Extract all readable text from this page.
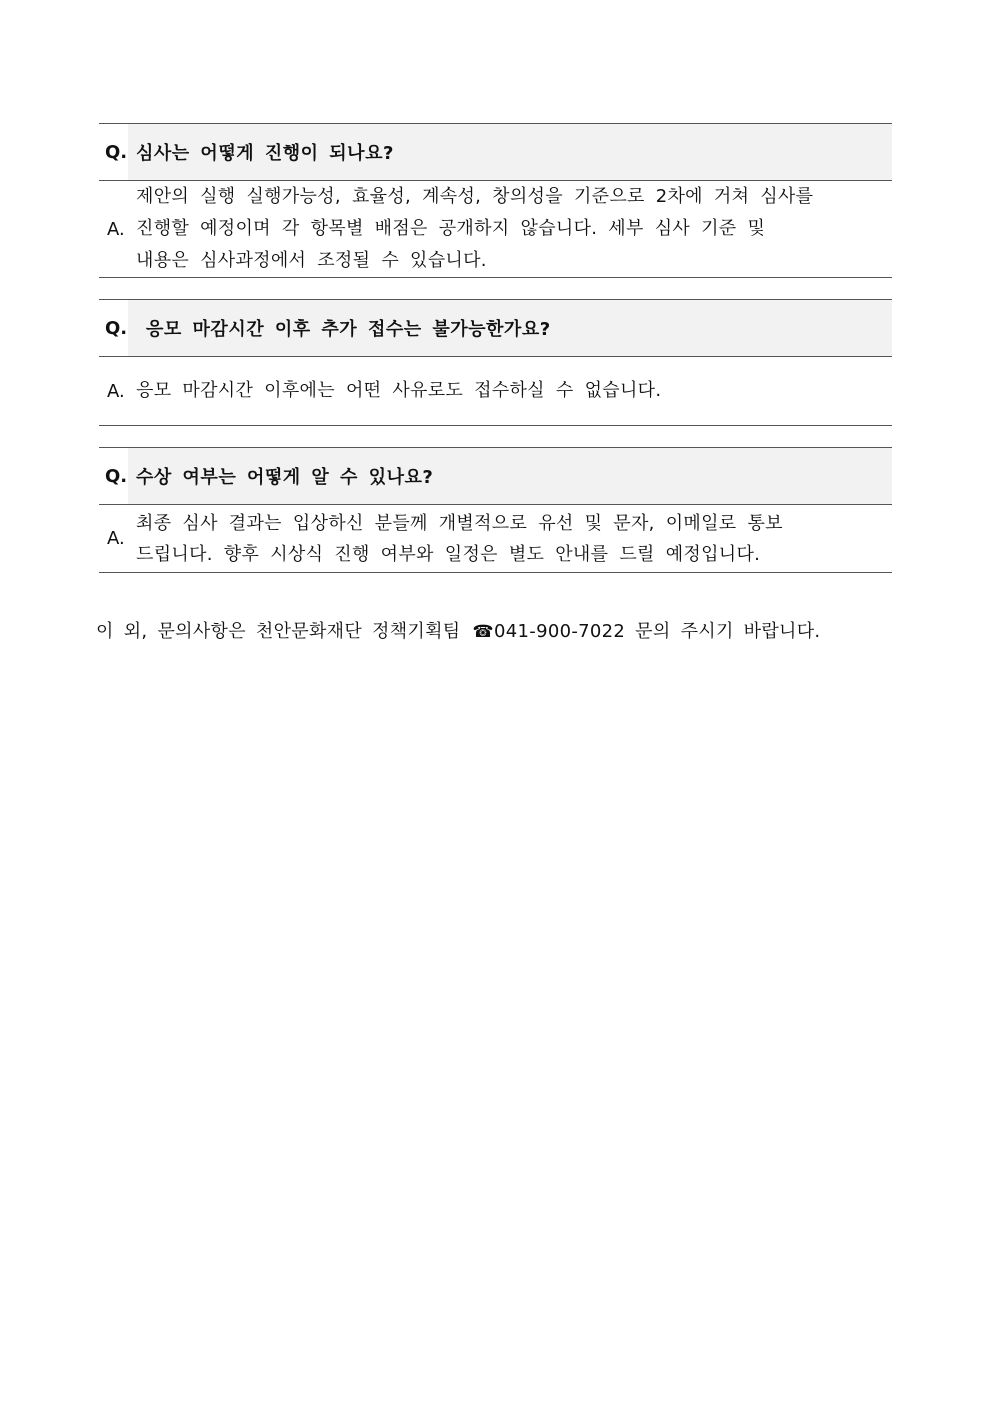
Q. 심사는 어떻게 진행이 되나요?
A.
제안의 실행 실행가능성, 효율성, 계속성, 창의성을 기준으로 2차에 거쳐 심사를
진행할 예정이며 각 항목별 배점은 공개하지 않습니다. 세부 심사 기준 및
내용은 심사과정에서 조정될 수 있습니다.
Q.	응모 마감시간 이후 추가 접수는 불가능한가요?
A. 응모 마감시간 이후에는 어떤 사유로도 접수하실 수 없습니다.
Q. 수상 여부는 어떻게 알 수 있나요?
A.
최종 심사 결과는 입상하신 분들께 개별적으로 유선 및 문자, 이메일로 통보
드립니다. 향후 시상식 진행 여부와 일정은 별도 안내를 드릴 예정입니다.
이 외, 문의사항은 천안문화재단 정책기획팀 ☎041-900-7022 문의 주시기 바랍니다.
